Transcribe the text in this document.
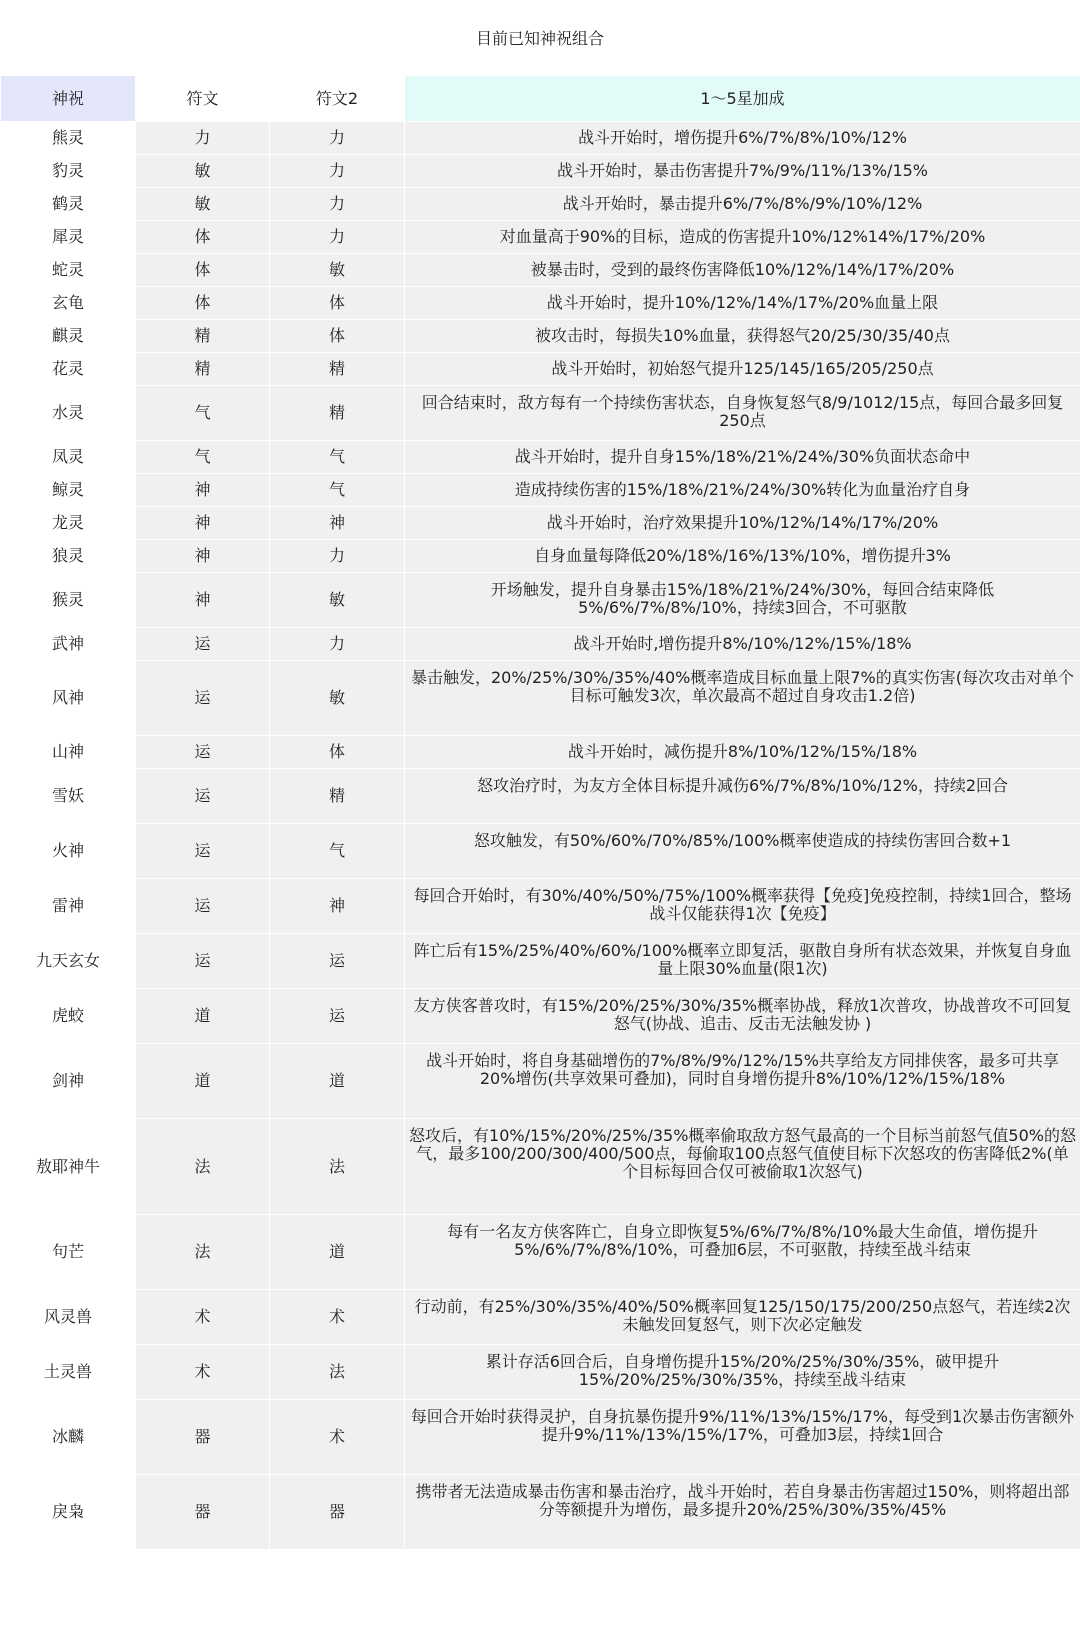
目前已知神祝组合
神祝	符文	符文2	1～5星加成
熊灵	力	力	战斗开始时，增伤提升6%/7%/8%/10%/12%
豹灵	敏	力	战斗开始时，暴击伤害提升7%/9%/11%/13%/15%
鹤灵	敏	力	战斗开始时，暴击提升6%/7%/8%/9%/10%/12%
犀灵	体	力	对血量高于90%的目标，造成的伤害提升10%/12%14%/17%/20%
蛇灵	体	敏	被暴击时，受到的最终伤害降低10%/12%/14%/17%/20%
玄龟	体	体	战斗开始时，提升10%/12%/14%/17%/20%血量上限
麒灵	精	体	被攻击时，每损失10%血量，获得怒气20/25/30/35/40点
花灵	精	精	战斗开始时，初始怒气提升125/145/165/205/250点
水灵	气	精	回合结束时，敌方每有一个持续伤害状态，自身恢复怒气8/9/1012/15点，每回合最多回复250点
凤灵	气	气	战斗开始时，提升自身15%/18%/21%/24%/30%负面状态命中
鲸灵	神	气	造成持续伤害的15%/18%/21%/24%/30%转化为血量治疗自身
龙灵	神	神	战斗开始时，治疗效果提升10%/12%/14%/17%/20%
狼灵	神	力	自身血量每降低20%/18%/16%/13%/10%，增伤提升3%
猴灵	神	敏	开场触发，提升自身暴击15%/18%/21%/24%/30%，每回合结束降低5%/6%/7%/8%/10%，持续3回合，不可驱散
武神	运	力	战斗开始时,增伤提升8%/10%/12%/15%/18%
风神	运	敏	暴击触发，20%/25%/30%/35%/40%概率造成目标血量上限7%的真实伤害(每次攻击对单个目标可触发3次，单次最高不超过自身攻击1.2倍)
山神	运	体	战斗开始时，减伤提升8%/10%/12%/15%/18%
雪妖	运	精	怒攻治疗时，为友方全体目标提升减伤6%/7%/8%/10%/12%，持续2回合
火神	运	气	怒攻触发，有50%/60%/70%/85%/100%概率使造成的持续伤害回合数+1
雷神	运	神	每回合开始时，有30%/40%/50%/75%/100%概率获得【免疫]免疫控制，持续1回合，整场战斗仅能获得1次【免疫】
九天玄女	运	运	阵亡后有15%/25%/40%/60%/100%概率立即复活，驱散自身所有状态效果，并恢复自身血量上限30%血量(限1次)
虎蛟	道	运	友方侠客普攻时，有15%/20%/25%/30%/35%概率协战，释放1次普攻，协战普攻不可回复怒气(协战、追击、反击无法触发协 )
剑神	道	道	战斗开始时，将自身基础增伤的7%/8%/9%/12%/15%共享给友方同排侠客，最多可共享20%增伤(共享效果可叠加)，同时自身增伤提升8%/10%/12%/15%/18%
敖耶神牛	法	法	怒攻后，有10%/15%/20%/25%/35%概率偷取敌方怒气最高的一个目标当前怒气值50%的怒气，最多100/200/300/400/500点，每偷取100点怒气值使目标下次怒攻的伤害降低2%(单个目标每回合仅可被偷取1次怒气)
句芒	法	道	每有一名友方侠客阵亡，自身立即恢复5%/6%/7%/8%/10%最大生命值，增伤提升5%/6%/7%/8%/10%，可叠加6层，不可驱散，持续至战斗结束
风灵兽	术	术	行动前，有25%/30%/35%/40%/50%概率回复125/150/175/200/250点怒气，若连续2次未触发回复怒气，则下次必定触发
土灵兽	术	法	累计存活6回合后，自身增伤提升15%/20%/25%/30%/35%，破甲提升15%/20%/25%/30%/35%，持续至战斗结束
冰麟	器	术	每回合开始时获得灵护，自身抗暴伤提升9%/11%/13%/15%/17%，每受到1次暴击伤害额外提升9%/11%/13%/15%/17%，可叠加3层，持续1回合
戾枭	器	器	携带者无法造成暴击伤害和暴击治疗，战斗开始时，若自身暴击伤害超过150%，则将超出部分等额提升为增伤，最多提升20%/25%/30%/35%/45%
